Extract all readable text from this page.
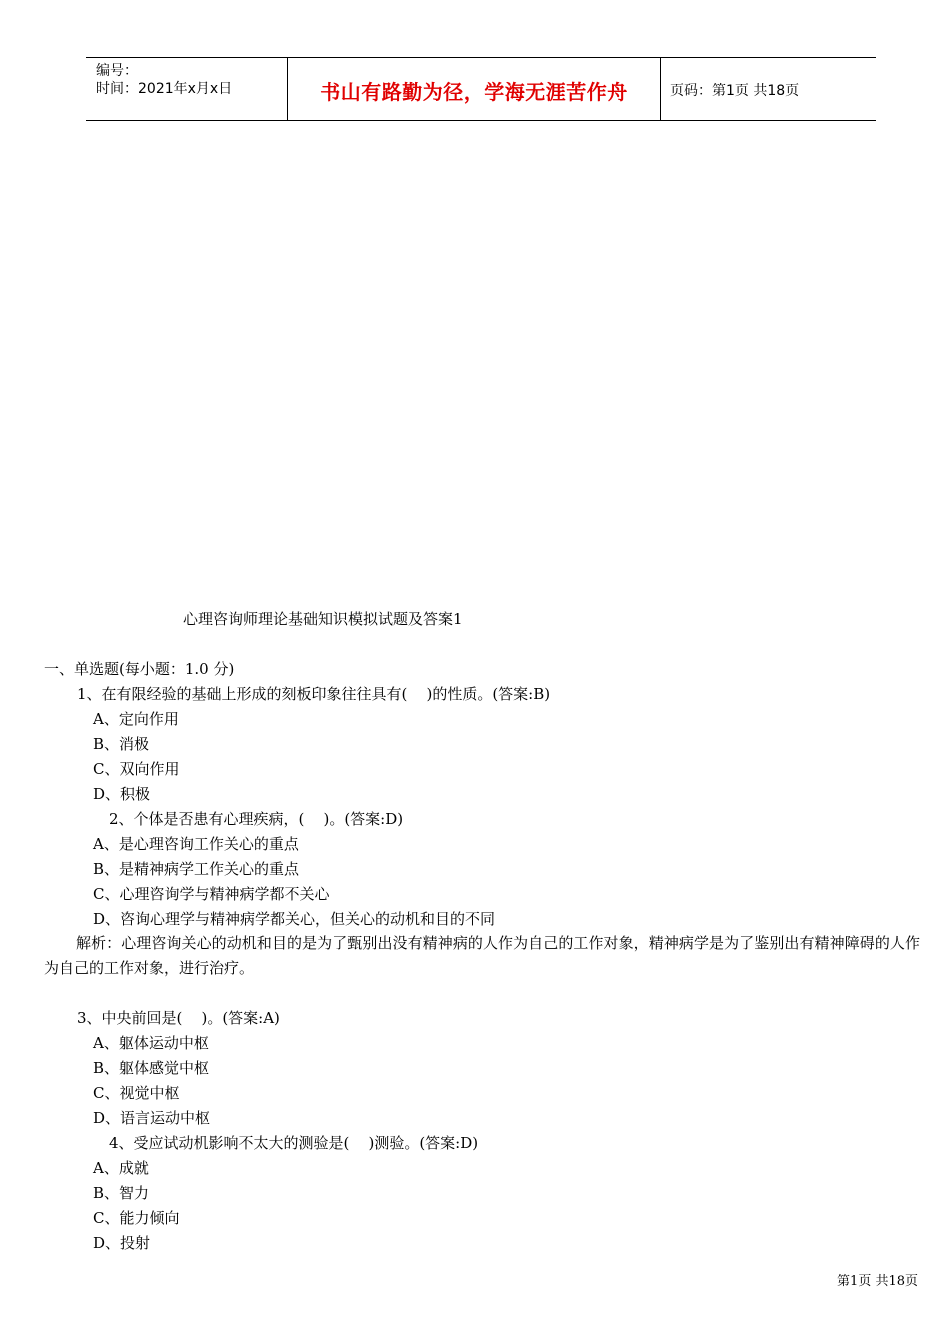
编号：
时间：2021年x月x日	书山有路勤为径，学海无涯苦作舟	页码：第1页 共18页
心理咨询师理论基础知识模拟试题及答案1
一、单选题(每小题：1.0 分)
1、在有限经验的基础上形成的刻板印象往往具有(    )的性质。(答案:B)
A、定向作用
B、消极
C、双向作用
D、积极
2、个体是否患有心理疾病，(    )。(答案:D)
A、是心理咨询工作关心的重点
B、是精神病学工作关心的重点
C、心理咨询学与精神病学都不关心
D、咨询心理学与精神病学都关心，但关心的动机和目的不同
解析：心理咨询关心的动机和目的是为了甄别出没有精神病的人作为自己的工作对象，精神病学是为了鉴别出有精神障碍的人作为自己的工作对象，进行治疗。
3、中央前回是(    )。(答案:A)
A、躯体运动中枢
B、躯体感觉中枢
C、视觉中枢
D、语言运动中枢
4、受应试动机影响不太大的测验是(    )测验。(答案:D)
A、成就
B、智力
C、能力倾向
D、投射
第1页 共18页
